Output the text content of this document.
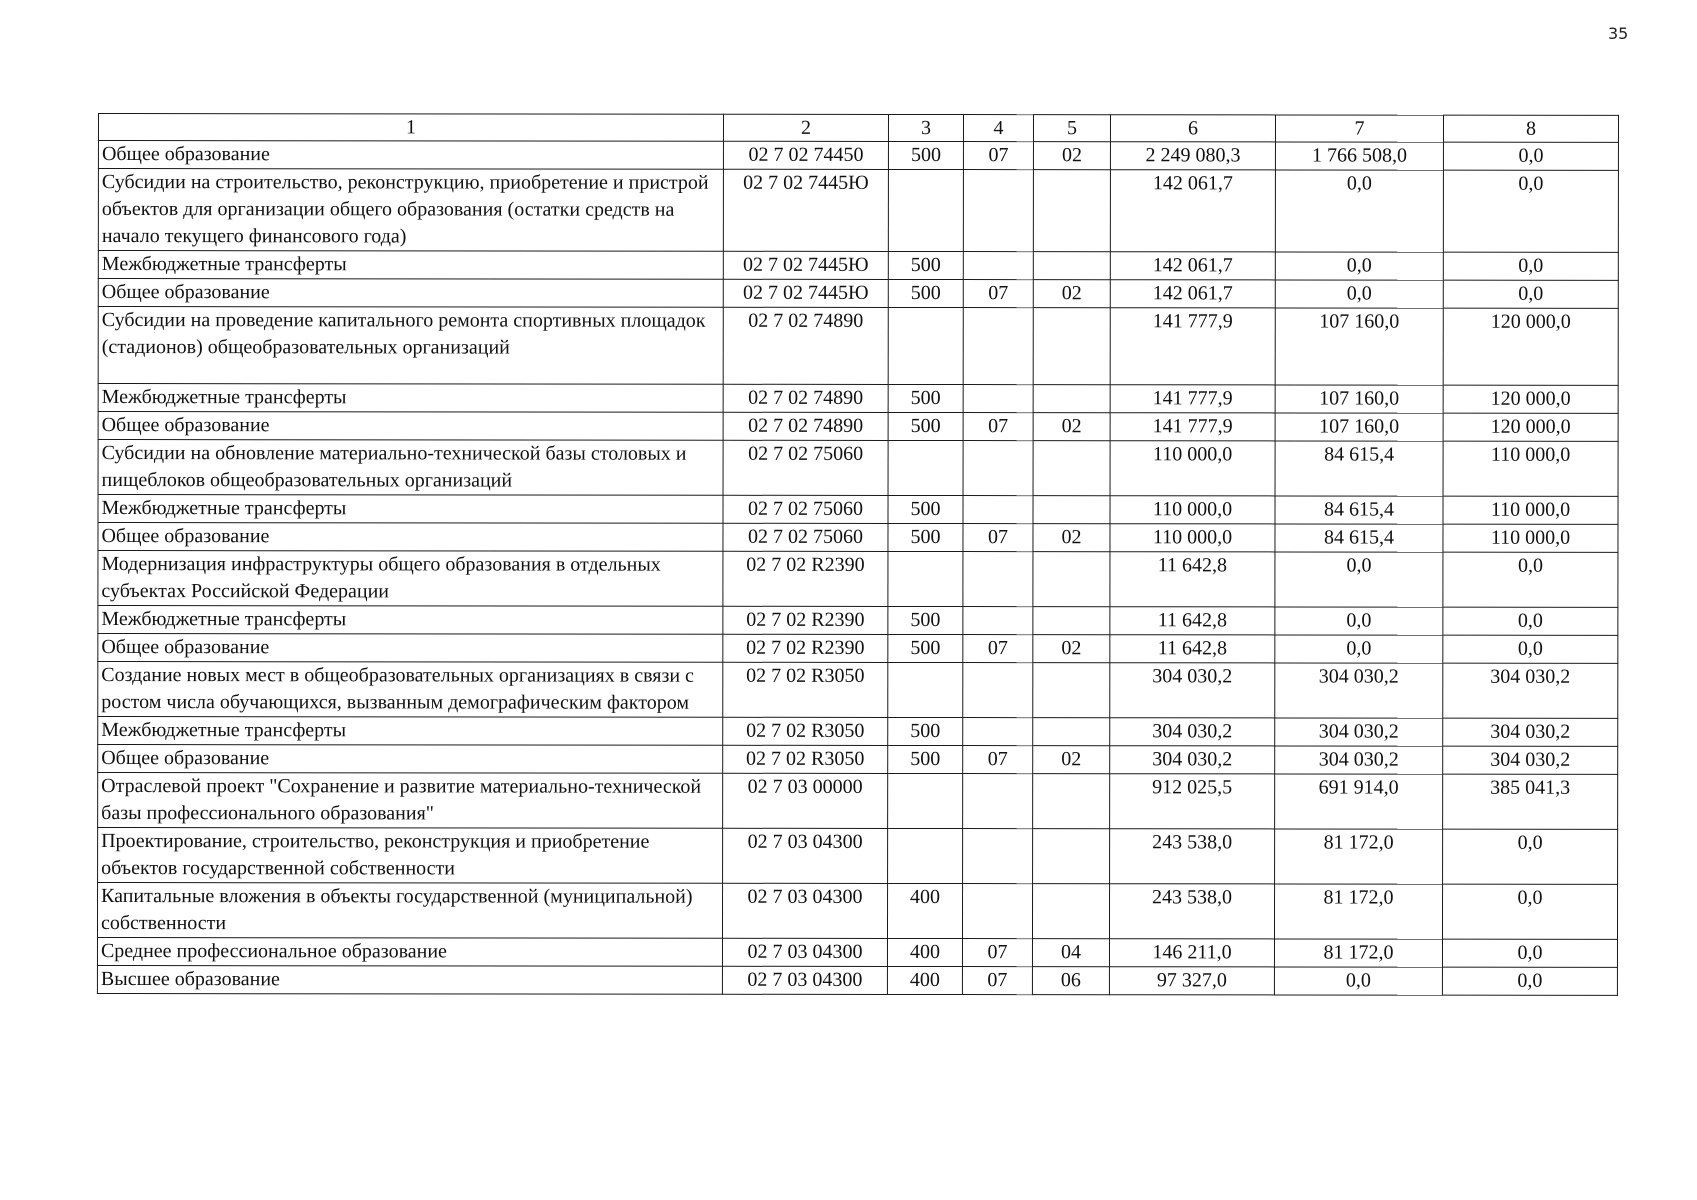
35
1	2	3	4	5	6	7	8
Общее образование	02 7 02 74450	500	07	02	2 249 080,3	1 766 508,0	0,0
Субсидии на строительство, реконструкцию, приобретение и пристрой объектов для организации общего образования (остатки средств на начало текущего финансового года)	02 7 02 7445Ю				142 061,7	0,0	0,0
Межбюджетные трансферты	02 7 02 7445Ю	500			142 061,7	0,0	0,0
Общее образование	02 7 02 7445Ю	500	07	02	142 061,7	0,0	0,0
Субсидии на проведение капитального ремонта спортивных площадок (стадионов) общеобразовательных организаций	02 7 02 74890				141 777,9	107 160,0	120 000,0
Межбюджетные трансферты	02 7 02 74890	500			141 777,9	107 160,0	120 000,0
Общее образование	02 7 02 74890	500	07	02	141 777,9	107 160,0	120 000,0
Субсидии на обновление материально-технической базы столовых и пищеблоков общеобразовательных организаций	02 7 02 75060				110 000,0	84 615,4	110 000,0
Межбюджетные трансферты	02 7 02 75060	500			110 000,0	84 615,4	110 000,0
Общее образование	02 7 02 75060	500	07	02	110 000,0	84 615,4	110 000,0
Модернизация инфраструктуры общего образования в отдельных субъектах Российской Федерации	02 7 02 R2390				11 642,8	0,0	0,0
Межбюджетные трансферты	02 7 02 R2390	500			11 642,8	0,0	0,0
Общее образование	02 7 02 R2390	500	07	02	11 642,8	0,0	0,0
Создание новых мест в общеобразовательных организациях в связи с ростом числа обучающихся, вызванным демографическим фактором	02 7 02 R3050				304 030,2	304 030,2	304 030,2
Межбюджетные трансферты	02 7 02 R3050	500			304 030,2	304 030,2	304 030,2
Общее образование	02 7 02 R3050	500	07	02	304 030,2	304 030,2	304 030,2
Отраслевой проект "Сохранение и развитие материально-технической базы профессионального образования"	02 7 03 00000				912 025,5	691 914,0	385 041,3
Проектирование, строительство, реконструкция и приобретение объектов государственной собственности	02 7 03 04300				243 538,0	81 172,0	0,0
Капитальные вложения в объекты государственной (муниципальной) собственности	02 7 03 04300	400			243 538,0	81 172,0	0,0
Среднее профессиональное образование	02 7 03 04300	400	07	04	146 211,0	81 172,0	0,0
Высшее образование	02 7 03 04300	400	07	06	97 327,0	0,0	0,0
